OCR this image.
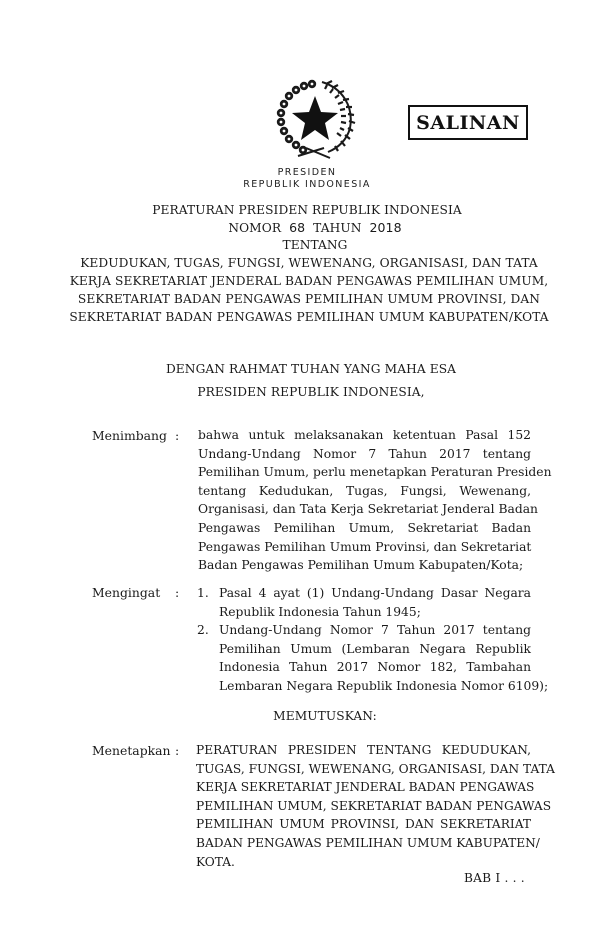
SALINAN
PRESIDEN
REPUBLIK INDONESIA
PERATURAN PRESIDEN REPUBLIK INDONESIA
NOMOR 68 TAHUN 2018
TENTANG
KEDUDUKAN, TUGAS, FUNGSI, WEWENANG, ORGANISASI, DAN TATA
KERJA SEKRETARIAT JENDERAL BADAN PENGAWAS PEMILIHAN UMUM,
SEKRETARIAT BADAN PENGAWAS PEMILIHAN UMUM PROVINSI, DAN
SEKRETARIAT BADAN PENGAWAS PEMILIHAN UMUM KABUPATEN/KOTA
DENGAN RAHMAT TUHAN YANG MAHA ESA
PRESIDEN REPUBLIK INDONESIA,
Menimbang : bahwa untuk melaksanakan ketentuan Pasal 152
Undang-Undang Nomor 7 Tahun 2017 tentang
Pemilihan Umum, perlu menetapkan Peraturan Presiden
tentang Kedudukan, Tugas, Fungsi, Wewenang,
Organisasi, dan Tata Kerja Sekretariat Jenderal Badan
Pengawas Pemilihan Umum, Sekretariat Badan
Pengawas Pemilihan Umum Provinsi, dan Sekretariat
Badan Pengawas Pemilihan Umum Kabupaten/Kota;
Mengingat : 1. Pasal 4 ayat (1) Undang-Undang Dasar Negara
Republik Indonesia Tahun 1945;
2. Undang-Undang Nomor 7 Tahun 2017 tentang
Pemilihan Umum (Lembaran Negara Republik
Indonesia Tahun 2017 Nomor 182, Tambahan
Lembaran Negara Republik Indonesia Nomor 6109);
MEMUTUSKAN:
Menetapkan : PERATURAN PRESIDEN TENTANG KEDUDUKAN,
TUGAS, FUNGSI, WEWENANG, ORGANISASI, DAN TATA
KERJA SEKRETARIAT JENDERAL BADAN PENGAWAS
PEMILIHAN UMUM, SEKRETARIAT BADAN PENGAWAS
PEMILIHAN UMUM PROVINSI, DAN SEKRETARIAT
BADAN PENGAWAS PEMILIHAN UMUM KABUPATEN/
KOTA.
BAB I . . .
